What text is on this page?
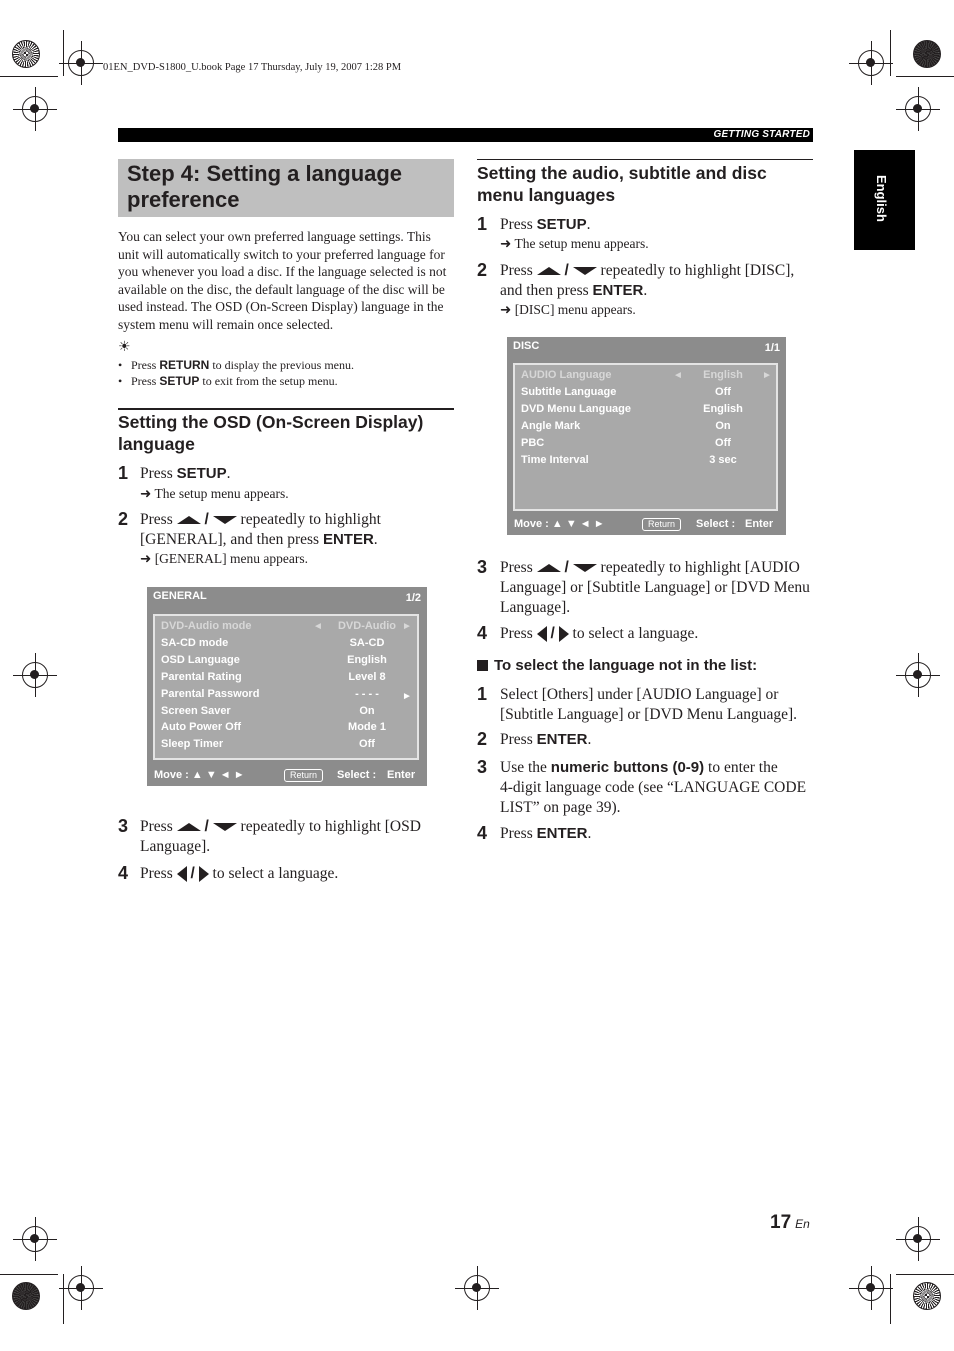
01EN_DVD-S1800_U.book Page 17 Thursday, July 19, 2007 1:28 PM
GETTING STARTED
English
Step 4: Setting a language preference
You can select your own preferred language settings. This unit will automatically switch to your preferred language for you whenever you load a disc. If the language selected is not available on the disc, the default language of the disc will be used instead. The OSD (On-Screen Display) language in the system menu will remain once selected.
☀
• Press RETURN to display the previous menu.
• Press SETUP to exit from the setup menu.
Setting the OSD (On-Screen Display) language
1 Press SETUP.
➜ The setup menu appears.
2 Press /  repeatedly to highlight [GENERAL], and then press ENTER.
➜ [GENERAL] menu appears.
GENERAL	1/2
DVD-Audio mode	◄	DVD-Audio ►
SA-CD mode	SA-CD
OSD Language	English
Parental Rating	Level 8
Parental Password	- - - -	►
Screen Saver	On
Auto Power Off	Mode 1
Sleep Timer	Off
Move : ▲ ▼ ◄ ►	Return	Select : Enter
3 Press /  repeatedly to highlight [OSD Language].
4 Press /  to select a language.
Setting the audio, subtitle and disc menu languages
1 Press SETUP.
➜ The setup menu appears.
2 Press /  repeatedly to highlight [DISC], and then press ENTER.
➜ [DISC] menu appears.
DISC	1/1
AUDIO Language	◄	English	►
Subtitle Language	Off
DVD Menu Language	English
Angle Mark	On
PBC	Off
Time Interval	3 sec
Move : ▲ ▼ ◄ ►	Return	Select : Enter
3 Press /  repeatedly to highlight [AUDIO Language] or [Subtitle Language] or [DVD Menu Language].
4 Press /  to select a language.
To select the language not in the list:
1 Select [Others] under [AUDIO Language] or [Subtitle Language] or [DVD Menu Language].
2 Press ENTER.
3 Use the numeric buttons (0-9) to enter the
4-digit language code (see “LANGUAGE CODE LIST” on page 39).
4 Press ENTER.
17 En
